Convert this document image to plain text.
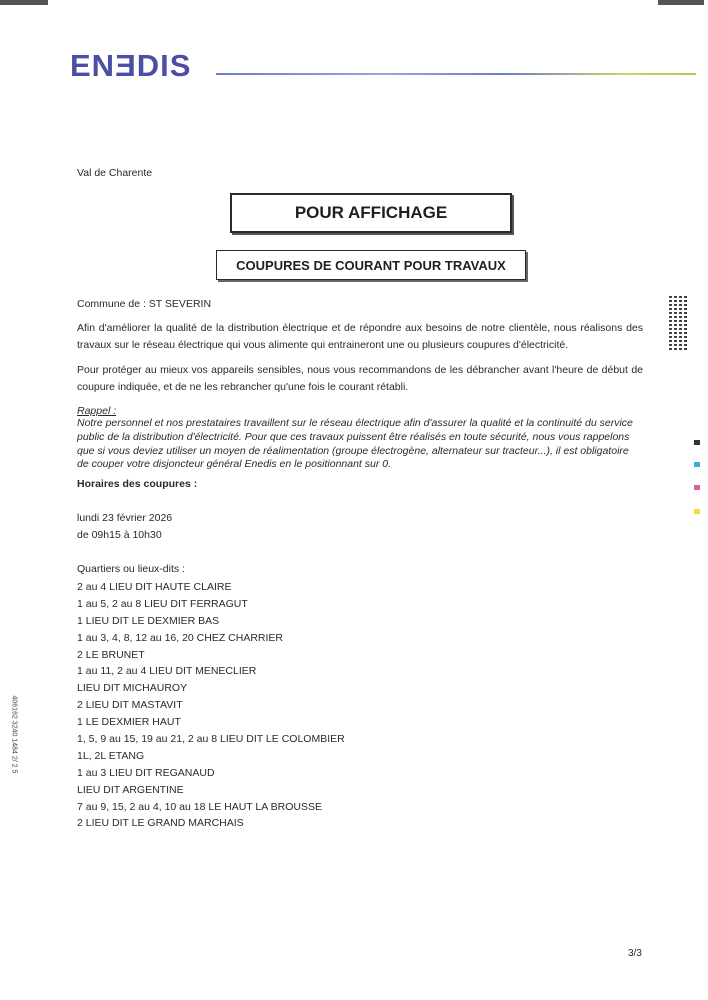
ENƎDIS
Val de Charente
POUR AFFICHAGE
COUPURES DE COURANT POUR TRAVAUX
Commune de : ST SEVERIN
Afin d'améliorer la qualité de la distribution électrique et de répondre aux besoins de notre clientèle, nous réalisons des travaux sur le réseau électrique qui vous alimente qui entraineront une ou plusieurs coupures d'électricité.
Pour protéger au mieux vos appareils sensibles, nous vous recommandons de les débrancher avant l'heure de début de coupure indiquée, et de ne les rebrancher qu'une fois le courant rétabli.
Rappel :
Notre personnel et nos prestataires travaillent sur le réseau électrique afin d'assurer la qualité et la continuité du service public de la distribution d'électricité. Pour que ces travaux puissent être réalisés en toute sécurité, nous vous rappelons que si vous deviez utiliser un moyen de réalimentation (groupe électrogène, alternateur sur tracteur...), il est obligatoire de couper votre disjoncteur général Enedis en le positionnant sur 0.
Horaires des coupures :
lundi 23 février 2026
de 09h15 à 10h30
Quartiers ou lieux-dits :
2 au 4 LIEU DIT HAUTE CLAIRE
1 au 5, 2 au 8 LIEU DIT FERRAGUT
1 LIEU DIT LE DEXMIER BAS
1 au 3, 4, 8, 12 au 16, 20 CHEZ CHARRIER
2 LE BRUNET
1 au 11, 2 au 4 LIEU DIT MENECLIER
LIEU DIT MICHAUROY
2 LIEU DIT MASTAVIT
1 LE DEXMIER HAUT
1, 5, 9 au 15, 19 au 21, 2 au 8 LIEU DIT LE COLOMBIER
1L, 2L ETANG
1 au 3 LIEU DIT REGANAUD
LIEU DIT ARGENTINE
7 au 9, 15, 2 au 4, 10 au 18 LE HAUT LA BROUSSE
2 LIEU DIT LE GRAND MARCHAIS
406162 3240 1484 2/ 2 5
3/3
